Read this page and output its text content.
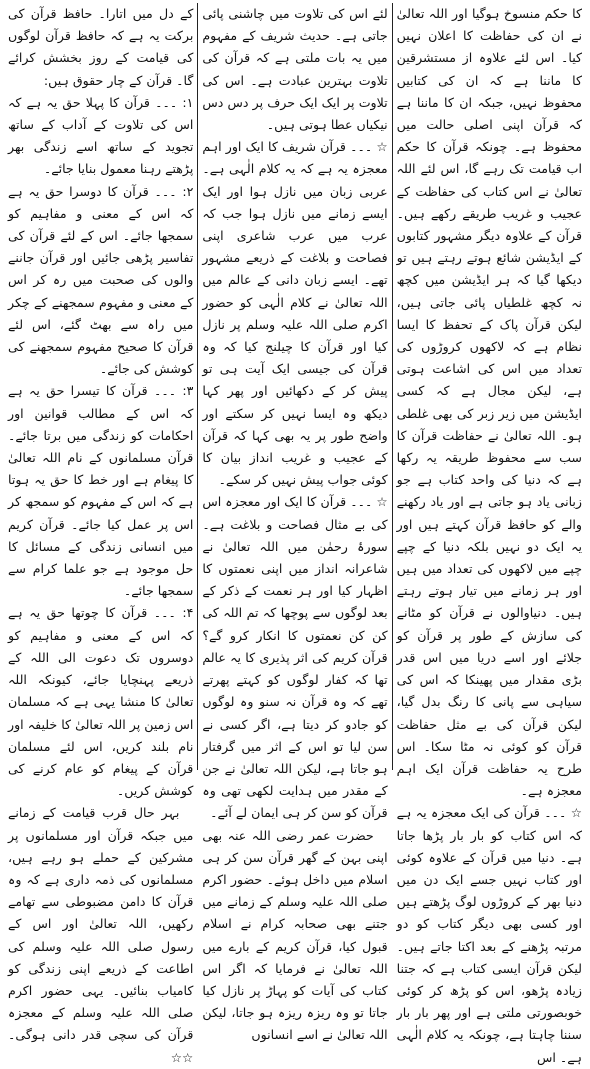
کا حکم منسوخ ہوگیا اور اللہ تعالیٰ نے ان کی حفاظت کا اعلان نہیں کیا۔ اس لئے علاوہ از مستشرقین کا ماننا ہے کہ ان کی کتابیں محفوظ نہیں، جبکہ ان کا ماننا ہے کہ قرآن اپنی اصلی حالت میں محفوظ ہے۔ چونکہ قرآن کا حکم اب قیامت تک رہے گا، اس لئے اللہ تعالیٰ نے اس کتاب کی حفاظت کے عجیب و غریب طریقے رکھے ہیں۔ قرآن کے علاوہ دیگر مشہور کتابوں کے ایڈیشن شائع ہوتے رہتے ہیں تو دیکھا گیا کہ ہر ایڈیشن میں کچھ نہ کچھ غلطیاں پائی جاتی ہیں، لیکن قرآن پاک کے تحفظ کا ایسا نظام ہے کہ لاکھوں کروڑوں کی تعداد میں اس کی اشاعت ہوتی ہے، لیکن مجال ہے کہ کسی ایڈیشن میں زیر زبر کی بھی غلطی ہو۔ اللہ تعالیٰ نے حفاظت قرآن کا سب سے محفوظ طریقہ یہ رکھا ہے کہ دنیا کی واحد کتاب ہے جو زبانی یاد ہو جاتی ہے اور یاد رکھنے والے کو حافظ قرآن کہتے ہیں اور یہ ایک دو نہیں بلکہ دنیا کے چپے چپے میں لاکھوں کی تعداد میں ہیں اور ہر زمانے میں تیار ہوتے رہتے ہیں۔ دنیاوالوں نے قرآن کو مٹانے کی سازش کے طور پر قرآن کو جلائے اور اسے دریا میں اس قدر بڑی مقدار میں پھینکا کہ اس کی سیاہی سے پانی کا رنگ بدل گیا، لیکن قرآن کی بے مثل حفاظت قرآن کو کوئی نہ مٹا سکا۔ اس طرح یہ حفاظت قرآن ایک اہم معجزہ ہے۔

☆ ۔۔۔ قرآن کی ایک معجزہ یہ ہے کہ اس کتاب کو بار بار پڑھا جاتا ہے۔ دنیا میں قرآن کے علاوہ کوئی اور کتاب نہیں جسے ایک دن میں دنیا بھر کے کروڑوں لوگ پڑھتے ہیں اور کسی بھی دیگر کتاب کو دو مرتبہ پڑھنے کے بعد اکتا جاتے ہیں۔ لیکن قرآن ایسی کتاب ہے کہ جتنا زیادہ پڑھو، اس کو پڑھ کر کوئی خوبصورتی ملتی ہے اور پھر بار بار سننا چاہتا ہے، چونکہ یہ کلام الٰہی ہے۔ اس

لئے اس کی تلاوت میں چاشنی پائی جاتی ہے۔ حدیث شریف کے مفہوم میں یہ بات ملتی ہے کہ قرآن کی تلاوت بہترین عبادت ہے۔ اس کی تلاوت پر ایک ایک حرف پر دس دس نیکیاں عطا ہوتی ہیں۔

☆ ۔۔۔ قرآن شریف کا ایک اور اہم معجزہ یہ ہے کہ یہ کلام الٰہی ہے۔ عربی زبان میں نازل ہوا اور ایک ایسے زمانے میں نازل ہوا جب کہ عرب میں عرب شاعری اپنی فصاحت و بلاغت کے ذریعے مشہور تھے۔ ایسے زبان دانی کے عالم میں اللہ تعالیٰ نے کلام الٰہی کو حضور اکرم صلی اللہ علیہ وسلم پر نازل کیا اور قرآن کا چیلنج کیا کہ وہ قرآن کی جیسی ایک آیت ہی تو پیش کر کے دکھائیں اور پھر کہا دیکھ وہ ایسا نہیں کر سکتے اور واضح طور پر یہ بھی کہا کہ قرآن کے عجیب و غریب انداز بیان کا کوئی جواب پیش نہیں کر سکے۔

☆ ۔۔۔ قرآن کا ایک اور معجزہ اس کی بے مثال فصاحت و بلاغت ہے۔ سورۂ رحمٰن میں اللہ تعالیٰ نے شاعرانہ انداز میں اپنی نعمتوں کا اظہار کیا اور ہر نعمت کے ذکر کے بعد لوگوں سے پوچھا کہ تم اللہ کی کن کن نعمتوں کا انکار کرو گے؟ قرآن کریم کی اثر پذیری کا یہ عالم تھا کہ کفار لوگوں کو کہتے پھرتے تھے کہ وہ قرآن نہ سنو وہ لوگوں کو جادو کر دیتا ہے، اگر کسی نے سن لیا تو اس کے اثر میں گرفتار ہو جاتا ہے، لیکن اللہ تعالیٰ نے جن کے مقدر میں ہدایت لکھی تھی وہ قرآن کو سن کر ہی ایمان لے آئے۔

حضرت عمر رضی اللہ عنہ بھی اپنی بہن کے گھر قرآن سن کر ہی اسلام میں داخل ہوئے۔ حضور اکرم صلی اللہ علیہ وسلم کے زمانے میں جتنے بھی صحابہ کرام نے اسلام قبول کیا، قرآن کریم کے بارے میں اللہ تعالیٰ نے فرمایا کہ اگر اس کتاب کی آیات کو پہاڑ پر نازل کیا جاتا تو وہ ریزہ ریزہ ہو جاتا، لیکن اللہ تعالیٰ نے اسے انسانوں

کے دل میں اتارا۔ حافظ قرآن کی برکت یہ ہے کہ حافظ قرآن لوگوں کی قیامت کے روز بخشش کرائے گا۔ قرآن کے چار حقوق ہیں:

۱: ۔۔۔ قرآن کا پہلا حق یہ ہے کہ اس کی تلاوت کے آداب کے ساتھ تجوید کے ساتھ اسے زندگی بھر پڑھتے رہنا معمول بنایا جائے۔

۲: ۔۔۔ قرآن کا دوسرا حق یہ ہے کہ اس کے معنی و مفاہیم کو سمجھا جائے۔ اس کے لئے قرآن کی تفاسیر پڑھی جائیں اور قرآن جاننے والوں کی صحبت میں رہ کر اس کے معنی و مفہوم سمجھنے کے چکر میں راہ سے بھٹ گئے، اس لئے قرآن کا صحیح مفہوم سمجھنے کی کوشش کی جائے۔

۳: ۔۔۔ قرآن کا تیسرا حق یہ ہے کہ اس کے مطالب قوانین اور احکامات کو زندگی میں برتا جائے۔ قرآن مسلمانوں کے نام اللہ تعالیٰ کا پیغام ہے اور خط کا حق یہ ہوتا ہے کہ اس کے مفہوم کو سمجھ کر اس پر عمل کیا جائے۔ قرآن کریم میں انسانی زندگی کے مسائل کا حل موجود ہے جو علما کرام سے سمجھا جائے۔

۴: ۔۔۔ قرآن کا چوتھا حق یہ ہے کہ اس کے معنی و مفاہیم کو دوسروں تک دعوت الی اللہ کے ذریعے پہنچایا جائے، کیونکہ اللہ تعالیٰ کا منشا یہی ہے کہ مسلمان اس زمین پر اللہ تعالیٰ کا خلیفہ اور نام بلند کریں، اس لئے مسلمان قرآن کے پیغام کو عام کرنے کی کوشش کریں۔

بہر حال قرب قیامت کے زمانے میں جبکہ قرآن اور مسلمانوں پر مشرکین کے حملے ہو رہے ہیں، مسلمانوں کی ذمہ داری ہے کہ وہ قرآن کا دامن مضبوطی سے تھامے رکھیں، اللہ تعالیٰ اور اس کے رسول صلی اللہ علیہ وسلم کی اطاعت کے ذریعے اپنی زندگی کو کامیاب بنائیں۔ یہی حضور اکرم صلی اللہ علیہ وسلم کے معجزہ قرآن کی سچی قدر دانی ہوگی۔ ☆☆
